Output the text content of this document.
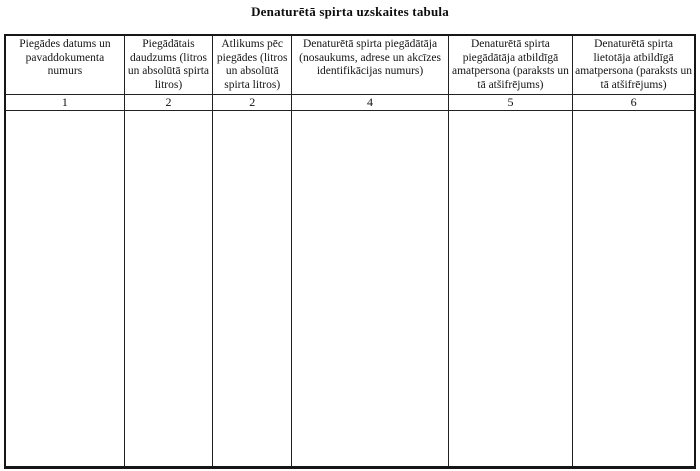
Denaturētā spirta uzskaites tabula
Piegādes datums un pavaddokumenta numurs	Piegādātais daudzums (litros un absolūtā spirta litros)	Atlikums pēc piegādes (litros un absolūtā spirta litros)	Denaturētā spirta piegādātāja (nosaukums, adrese un akcīzes identifikācijas numurs)	Denaturētā spirta piegādātāja atbildīgā amatpersona (paraksts un tā atšifrējums)	Denaturētā spirta lietotāja atbildīgā amatpersona (paraksts un tā atšifrējums)
1	2	2	4	5	6
